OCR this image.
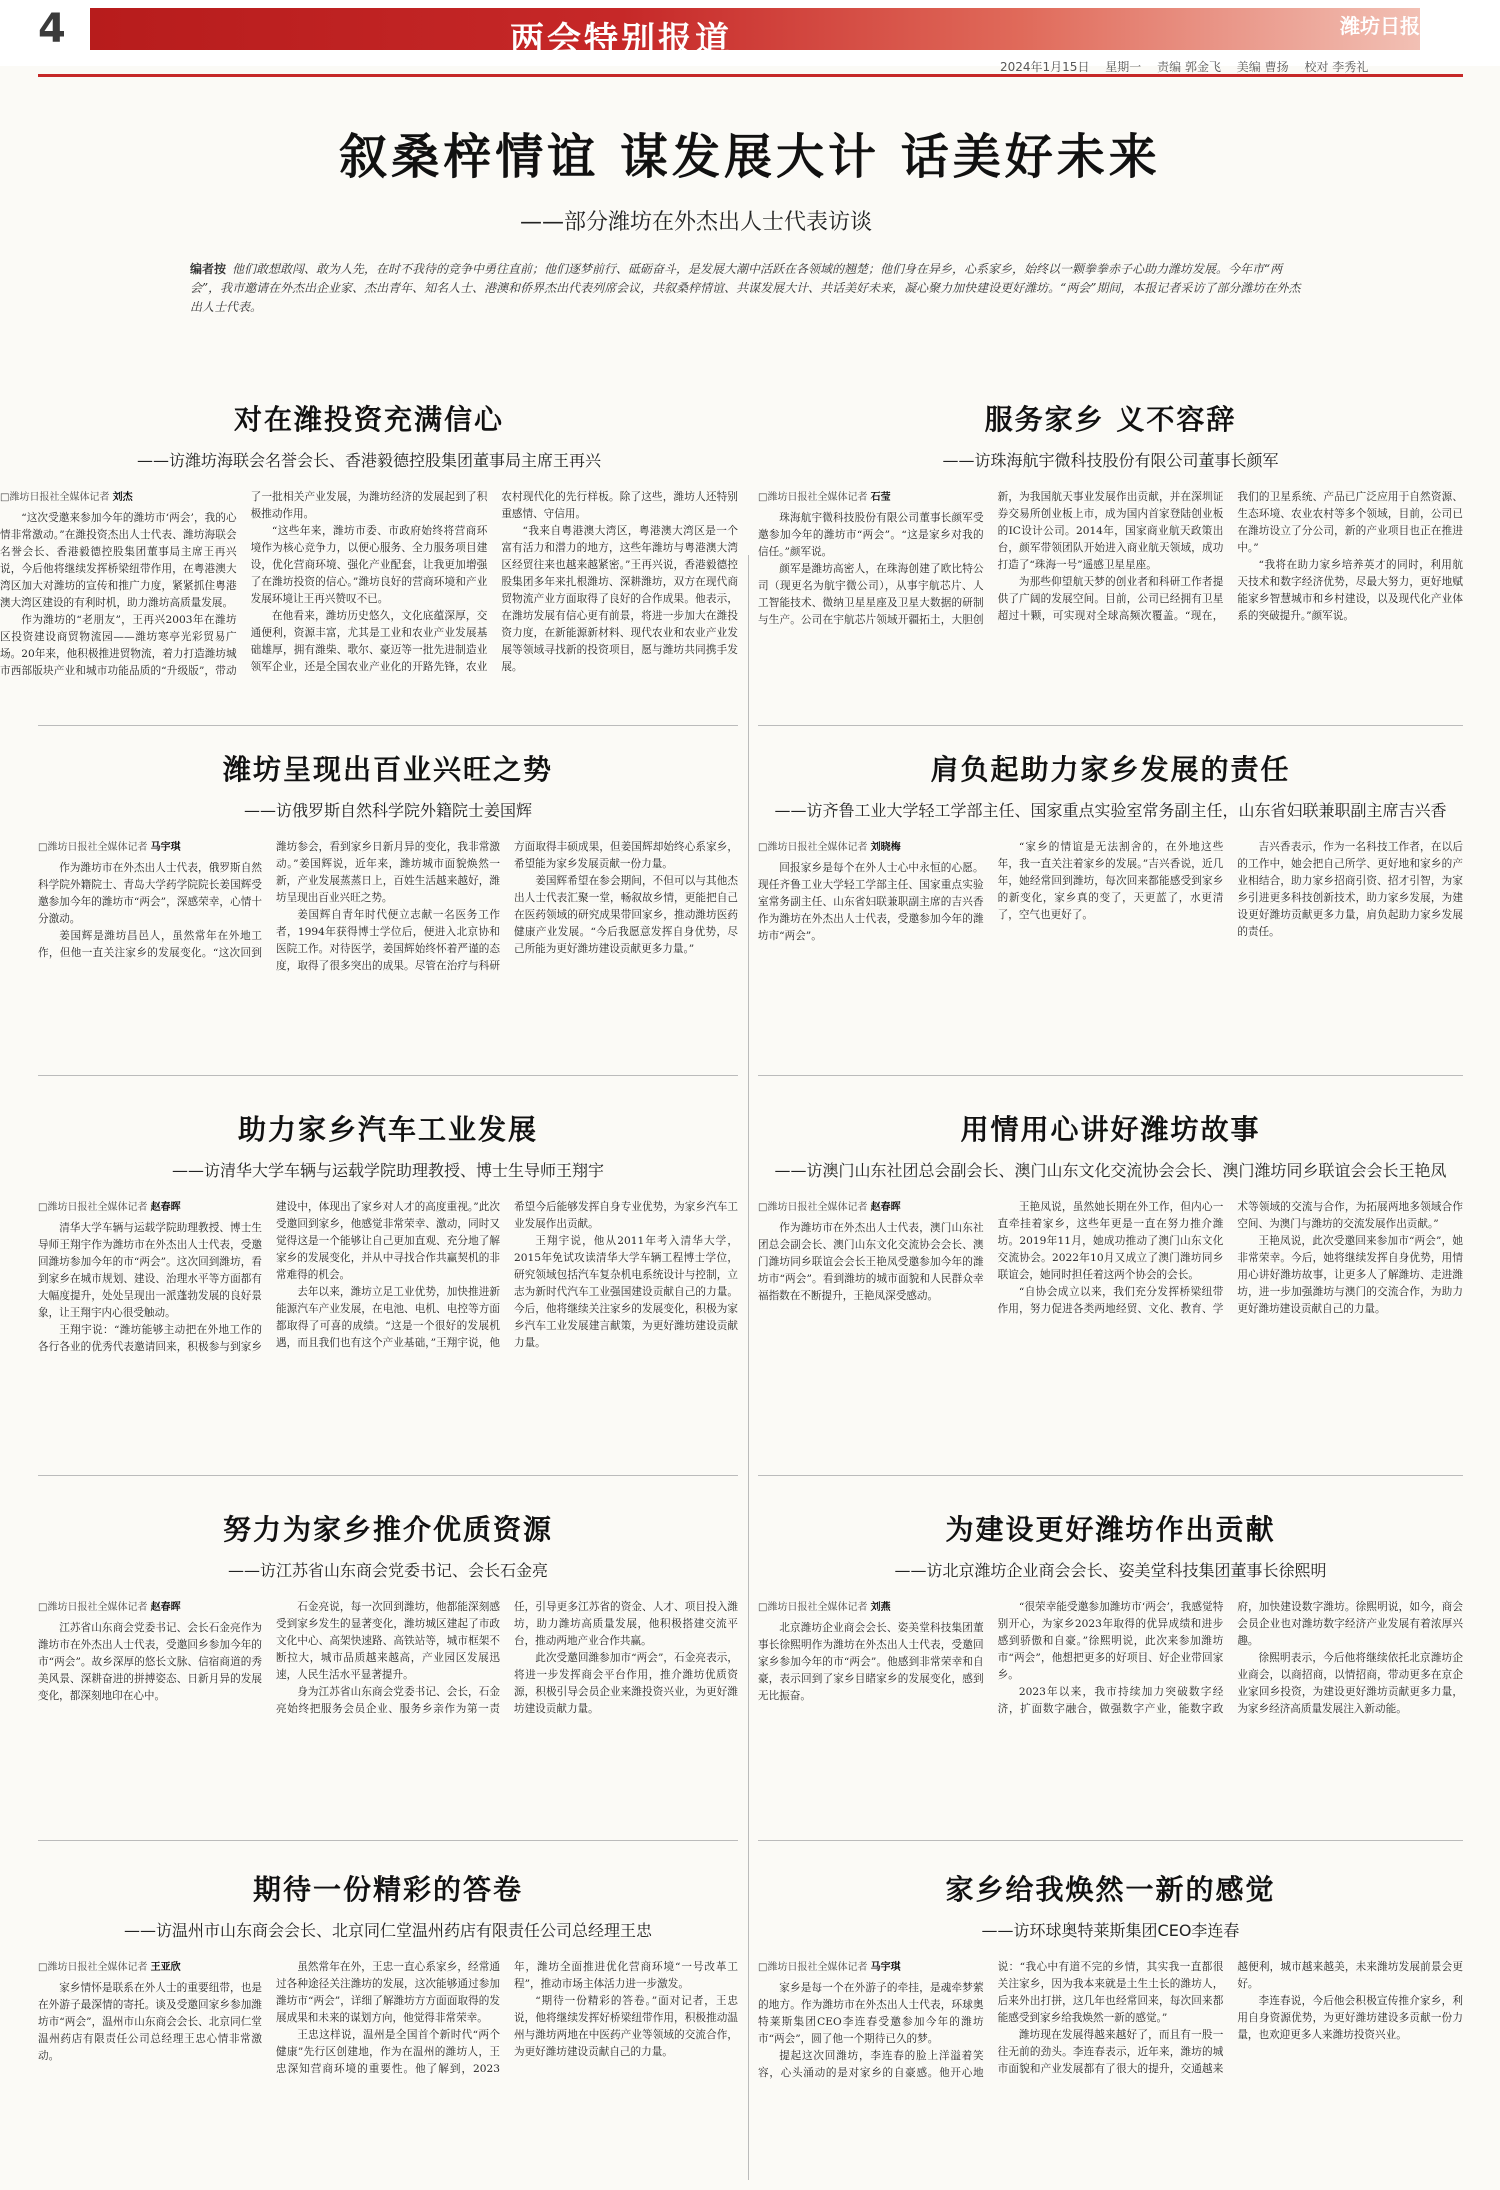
4	两会特别报道	潍坊日报
2024年1月15日 星期一 责编 郭金飞 美编 曹扬 校对 李秀礼
叙桑梓情谊 谋发展大计 话美好未来
——部分潍坊在外杰出人士代表访谈
编者按 他们敢想敢闯、敢为人先，在时不我待的竞争中勇往直前；他们逐梦前行、砥砺奋斗，是发展大潮中活跃在各领域的翘楚；他们身在异乡，心系家乡，始终以一颗拳拳赤子心助力潍坊发展。今年市“两会”，我市邀请在外杰出企业家、杰出青年、知名人士、港澳和侨界杰出代表列席会议，共叙桑梓情谊、共谋发展大计、共话美好未来，凝心聚力加快建设更好潍坊。“两会”期间，本报记者采访了部分潍坊在外杰出人士代表。
对在潍投资充满信心
——访潍坊海联会名誉会长、香港毅德控股集团董事局主席王再兴
□潍坊日报社全媒体记者 刘杰

“这次受邀来参加今年的潍坊市‘两会’，我的心情非常激动。”在潍投资杰出人士代表、潍坊海联会名誉会长、香港毅德控股集团董事局主席王再兴说，今后他将继续发挥桥梁纽带作用，在粤港澳大湾区加大对潍坊的宣传和推广力度，紧紧抓住粤港澳大湾区建设的有利时机，助力潍坊高质量发展。

作为潍坊的“老朋友”，王再兴2003年在潍坊区投资建设商贸物流园——潍坊寒亭光彩贸易广场。20年来，他积极推进贸物流，着力打造潍坊城市西部版块产业和城市功能品质的“升级版”，带动了一批相关产业发展，为潍坊经济的发展起到了积极推动作用。

“这些年来，潍坊市委、市政府始终将营商环境作为核心竞争力，以便心服务、全力服务项目建设，优化营商环境、强化产业配套，让我更加增强了在潍坊投资的信心。”潍坊良好的营商环境和产业发展环境让王再兴赞叹不已。

在他看来，潍坊历史悠久，文化底蕴深厚，交通便利，资源丰富，尤其是工业和农业产业发展基础雄厚，拥有潍柴、歌尔、豪迈等一批先进制造业领军企业，还是全国农业产业化的开路先锋，农业农村现代化的先行样板。除了这些，潍坊人还特别重感情、守信用。

“我来自粤港澳大湾区，粤港澳大湾区是一个富有活力和潜力的地方，这些年潍坊与粤港澳大湾区经贸往来也越来越紧密。”王再兴说，香港毅德控股集团多年来扎根潍坊、深耕潍坊，双方在现代商贸物流产业方面取得了良好的合作成果。他表示，在潍坊发展有信心更有前景，将进一步加大在潍投资力度，在新能源新材料、现代农业和农业产业发展等领域寻找新的投资项目，愿与潍坊共同携手发展。

服务家乡 义不容辞
——访珠海航宇微科技股份有限公司董事长颜军
□潍坊日报社全媒体记者 石莹

珠海航宇微科技股份有限公司董事长颜军受邀参加今年的潍坊市“两会”。“这是家乡对我的信任。”颜军说。

颜军是潍坊高密人，在珠海创建了欧比特公司（现更名为航宇微公司），从事宇航芯片、人工智能技术、微纳卫星星座及卫星大数据的研制与生产。公司在宇航芯片领域开疆拓土，大胆创新，为我国航天事业发展作出贡献，并在深圳证券交易所创业板上市，成为国内首家登陆创业板的IC设计公司。2014年，国家商业航天政策出台，颜军带领团队开始进入商业航天领域，成功打造了“珠海一号”遥感卫星星座。

为那些仰望航天梦的创业者和科研工作者提供了广阔的发展空间。目前，公司已经拥有卫星超过十颗，可实现对全球高频次覆盖。“现在，我们的卫星系统、产品已广泛应用于自然资源、生态环境、农业农村等多个领域，目前，公司已在潍坊设立了分公司，新的产业项目也正在推进中。”

“我将在助力家乡培养英才的同时，利用航天技术和数字经济优势，尽最大努力，更好地赋能家乡智慧城市和乡村建设，以及现代化产业体系的突破提升。”颜军说。

潍坊呈现出百业兴旺之势
——访俄罗斯自然科学院外籍院士姜国辉
□潍坊日报社全媒体记者 马宇琪

作为潍坊市在外杰出人士代表，俄罗斯自然科学院外籍院士、青岛大学药学院院长姜国辉受邀参加今年的潍坊市“两会”，深感荣幸，心情十分激动。

姜国辉是潍坊昌邑人，虽然常年在外地工作，但他一直关注家乡的发展变化。“这次回到潍坊参会，看到家乡日新月异的变化，我非常激动。”姜国辉说，近年来，潍坊城市面貌焕然一新，产业发展蒸蒸日上，百姓生活越来越好，潍坊呈现出百业兴旺之势。

姜国辉自青年时代便立志献一名医务工作者，1994年获得博士学位后，便进入北京协和医院工作。对待医学，姜国辉始终怀着严谨的态度，取得了很多突出的成果。尽管在治疗与科研方面取得丰硕成果，但姜国辉却始终心系家乡，希望能为家乡发展贡献一份力量。

姜国辉希望在参会期间，不但可以与其他杰出人士代表汇聚一堂，畅叙故乡情，更能把自己在医药领域的研究成果带回家乡，推动潍坊医药健康产业发展。“今后我愿意发挥自身优势，尽己所能为更好潍坊建设贡献更多力量。”

肩负起助力家乡发展的责任
——访齐鲁工业大学轻工学部主任、国家重点实验室常务副主任，山东省妇联兼职副主席吉兴香
□潍坊日报社全媒体记者 刘晓梅

回报家乡是每个在外人士心中永恒的心愿。现任齐鲁工业大学轻工学部主任、国家重点实验室常务副主任、山东省妇联兼职副主席的吉兴香作为潍坊在外杰出人士代表，受邀参加今年的潍坊市“两会”。

“家乡的情谊是无法割舍的，在外地这些年，我一直关注着家乡的发展。”吉兴香说，近几年，她经常回到潍坊，每次回来都能感受到家乡的新变化，家乡真的变了，天更蓝了，水更清了，空气也更好了。

吉兴香表示，作为一名科技工作者，在以后的工作中，她会把自己所学、更好地和家乡的产业相结合，助力家乡招商引资、招才引智，为家乡引进更多科技创新技术，助力家乡发展，为建设更好潍坊贡献更多力量，肩负起助力家乡发展的责任。

助力家乡汽车工业发展
——访清华大学车辆与运载学院助理教授、博士生导师王翔宇
□潍坊日报社全媒体记者 赵春晖

清华大学车辆与运载学院助理教授、博士生导师王翔宇作为潍坊市在外杰出人士代表，受邀回潍坊参加今年的市“两会”。这次回到潍坊，看到家乡在城市规划、建设、治理水平等方面都有大幅度提升，处处呈现出一派蓬勃发展的良好景象，让王翔宇内心很受触动。

王翔宇说：“潍坊能够主动把在外地工作的各行各业的优秀代表邀请回来，积极参与到家乡建设中，体现出了家乡对人才的高度重视。”此次受邀回到家乡，他感觉非常荣幸、激动，同时又觉得这是一个能够让自己更加直观、充分地了解家乡的发展变化，并从中寻找合作共赢契机的非常难得的机会。

去年以来，潍坊立足工业优势，加快推进新能源汽车产业发展，在电池、电机、电控等方面都取得了可喜的成绩。“这是一个很好的发展机遇，而且我们也有这个产业基础，”王翔宇说，他希望今后能够发挥自身专业优势，为家乡汽车工业发展作出贡献。

王翔宇说，他从2011年考入清华大学，2015年免试攻读清华大学车辆工程博士学位，研究领域包括汽车复杂机电系统设计与控制，立志为新时代汽车工业强国建设贡献自己的力量。今后，他将继续关注家乡的发展变化，积极为家乡汽车工业发展建言献策，为更好潍坊建设贡献力量。

用情用心讲好潍坊故事
——访澳门山东社团总会副会长、澳门山东文化交流协会会长、澳门潍坊同乡联谊会会长王艳凤
□潍坊日报社全媒体记者 赵春晖

作为潍坊市在外杰出人士代表，澳门山东社团总会副会长、澳门山东文化交流协会会长、澳门潍坊同乡联谊会会长王艳凤受邀参加今年的潍坊市“两会”。看到潍坊的城市面貌和人民群众幸福指数在不断提升，王艳凤深受感动。

王艳凤说，虽然她长期在外工作，但内心一直牵挂着家乡，这些年更是一直在努力推介潍坊。2019年11月，她成功推动了澳门山东文化交流协会。2022年10月又成立了澳门潍坊同乡联谊会，她同时担任着这两个协会的会长。

“自协会成立以来，我们充分发挥桥梁纽带作用，努力促进各类两地经贸、文化、教育、学术等领域的交流与合作，为拓展两地多领域合作空间、为澳门与潍坊的交流发展作出贡献。”

王艳凤说，此次受邀回来参加市“两会”，她非常荣幸。今后，她将继续发挥自身优势，用情用心讲好潍坊故事，让更多人了解潍坊、走进潍坊，进一步加强潍坊与澳门的交流合作，为助力更好潍坊建设贡献自己的力量。

努力为家乡推介优质资源
——访江苏省山东商会党委书记、会长石金亮
□潍坊日报社全媒体记者 赵春晖

江苏省山东商会党委书记、会长石金亮作为潍坊市在外杰出人士代表，受邀回乡参加今年的市“两会”。故乡深厚的悠长文脉、信宿商道的秀美风景、深耕奋进的拼搏姿态、日新月异的发展变化，都深刻地印在心中。

石金亮说，每一次回到潍坊，他都能深刻感受到家乡发生的显著变化，潍坊城区建起了市政文化中心、高架快速路、高铁站等，城市框架不断拉大，城市品质越来越高，产业园区发展迅速，人民生活水平显著提升。

身为江苏省山东商会党委书记、会长，石金亮始终把服务会员企业、服务乡亲作为第一责任，引导更多江苏省的资金、人才、项目投入潍坊，助力潍坊高质量发展，他积极搭建交流平台，推动两地产业合作共赢。

此次受邀回潍参加市“两会”，石金亮表示，将进一步发挥商会平台作用，推介潍坊优质资源，积极引导会员企业来潍投资兴业，为更好潍坊建设贡献力量。

为建设更好潍坊作出贡献
——访北京潍坊企业商会会长、姿美堂科技集团董事长徐熙明
□潍坊日报社全媒体记者 刘燕

北京潍坊企业商会会长、姿美堂科技集团董事长徐熙明作为潍坊在外杰出人士代表，受邀回家乡参加今年的市“两会”。他感到非常荣幸和自豪，表示回到了家乡目睹家乡的发展变化，感到无比振奋。

“很荣幸能受邀参加潍坊市‘两会’，我感觉特别开心，为家乡2023年取得的优异成绩和进步感到骄傲和自豪。”徐熙明说，此次来参加潍坊市“两会”，他想把更多的好项目、好企业带回家乡。

2023年以来，我市持续加力突破数字经济，扩面数字融合，做强数字产业，能数字政府，加快建设数字潍坊。徐熙明说，如今，商会会员企业也对潍坊数字经济产业发展有着浓厚兴趣。

徐熙明表示，今后他将继续依托北京潍坊企业商会，以商招商，以情招商，带动更多在京企业家回乡投资，为建设更好潍坊贡献更多力量，为家乡经济高质量发展注入新动能。

期待一份精彩的答卷
——访温州市山东商会会长、北京同仁堂温州药店有限责任公司总经理王忠
□潍坊日报社全媒体记者 王亚欣

家乡情怀是联系在外人士的重要纽带，也是在外游子最深情的寄托。谈及受邀回家乡参加潍坊市“两会”，温州市山东商会会长、北京同仁堂温州药店有限责任公司总经理王忠心情非常激动。

虽然常年在外，王忠一直心系家乡，经常通过各种途径关注潍坊的发展，这次能够通过参加潍坊市“两会”，详细了解潍坊方方面面取得的发展成果和未来的谋划方向，他觉得非常荣幸。

王忠这样说，温州是全国首个新时代“两个健康”先行区创建地，作为在温州的潍坊人，王忠深知营商环境的重要性。他了解到，2023年，潍坊全面推进优化营商环境“一号改革工程”，推动市场主体活力进一步激发。

“期待一份精彩的答卷。”面对记者，王忠说，他将继续发挥好桥梁纽带作用，积极推动温州与潍坊两地在中医药产业等领域的交流合作，为更好潍坊建设贡献自己的力量。

家乡给我焕然一新的感觉
——访环球奥特莱斯集团CEO李连春
□潍坊日报社全媒体记者 马宇琪

家乡是每一个在外游子的牵挂，是魂牵梦萦的地方。作为潍坊市在外杰出人士代表，环球奥特莱斯集团CEO李连春受邀参加今年的潍坊市“两会”，圆了他一个期待已久的梦。

提起这次回潍坊，李连春的脸上洋溢着笑容，心头涌动的是对家乡的自豪感。他开心地说：“我心中有道不完的乡情，其实我一直都很关注家乡，因为我本来就是土生土长的潍坊人，后来外出打拼，这几年也经常回来，每次回来都能感受到家乡给我焕然一新的感觉。”

潍坊现在发展得越来越好了，而且有一股一往无前的劲头。李连春表示，近年来，潍坊的城市面貌和产业发展都有了很大的提升，交通越来越便利，城市越来越美，未来潍坊发展前景会更好。

李连春说，今后他会积极宣传推介家乡，利用自身资源优势，为更好潍坊建设多贡献一份力量，也欢迎更多人来潍坊投资兴业。
